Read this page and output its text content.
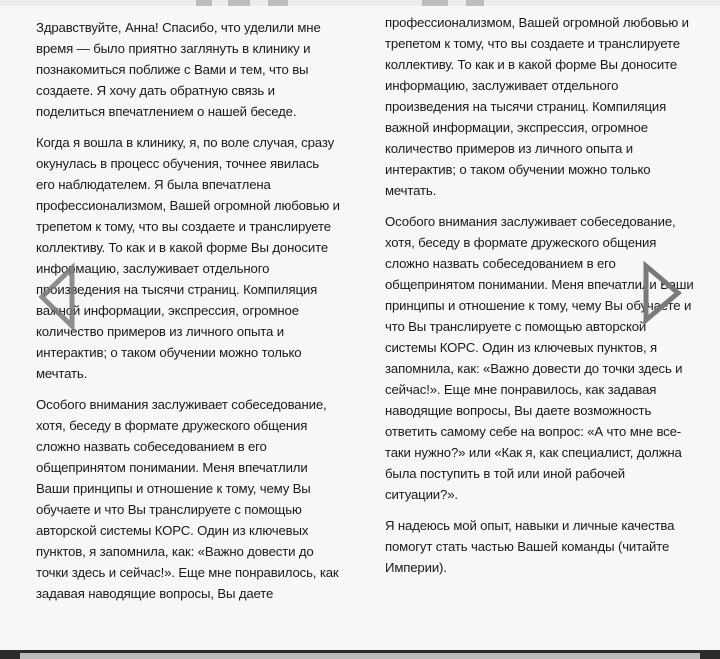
Здравствуйте, Анна! Спасибо, что уделили мне время — было приятно заглянуть в клинику и познакомиться поближе с Вами и тем, что вы создаете. Я хочу дать обратную связь и поделиться впечатлением о нашей беседе.

Когда я вошла в клинику, я, по воле случая, сразу окунулась в процесс обучения, точнее явилась его наблюдателем. Я была впечатлена профессионализмом, Вашей огромной любовью и трепетом к тому, что вы создаете и транслируете коллективу. То как и в какой форме Вы доносите информацию, заслуживает отдельного произведения на тысячи страниц. Компиляция важной информации, экспрессия, огромное количество примеров из личного опыта и интерактив; о таком обучении можно только мечтать.

Особого внимания заслуживает собеседование, хотя, беседу в формате дружеского общения сложно назвать собеседованием в его общепринятом понимании. Меня впечатлили Ваши принципы и отношение к тому, чему Вы обучаете и что Вы транслируете с помощью авторской системы КОРС. Один из ключевых пунктов, я запомнила, как: «Важно довести до точки здесь и сейчас!». Еще мне понравилось, как задавая наводящие вопросы, Вы даете

профессионализмом, Вашей огромной любовью и трепетом к тому, что вы создаете и транслируете коллективу. То как и в какой форме Вы доносите информацию, заслуживает отдельного произведения на тысячи страниц. Компиляция важной информации, экспрессия, огромное количество примеров из личного опыта и интерактив; о таком обучении можно только мечтать.

Особого внимания заслуживает собеседование, хотя, беседу в формате дружеского общения сложно назвать собеседованием в его общепринятом понимании. Меня впечатлили Ваши принципы и отношение к тому, чему Вы обучаете и что Вы транслируете с помощью авторской системы КОРС. Один из ключевых пунктов, я запомнила, как: «Важно довести до точки здесь и сейчас!». Еще мне понравилось, как задавая наводящие вопросы, Вы даете возможность ответить самому себе на вопрос: «А что мне все-таки нужно?» или «Как я, как специалист, должна была поступить в той или иной рабочей ситуации?».

Я надеюсь мой опыт, навыки и личные качества помогут стать частью Вашей команды (читайте Империи).
